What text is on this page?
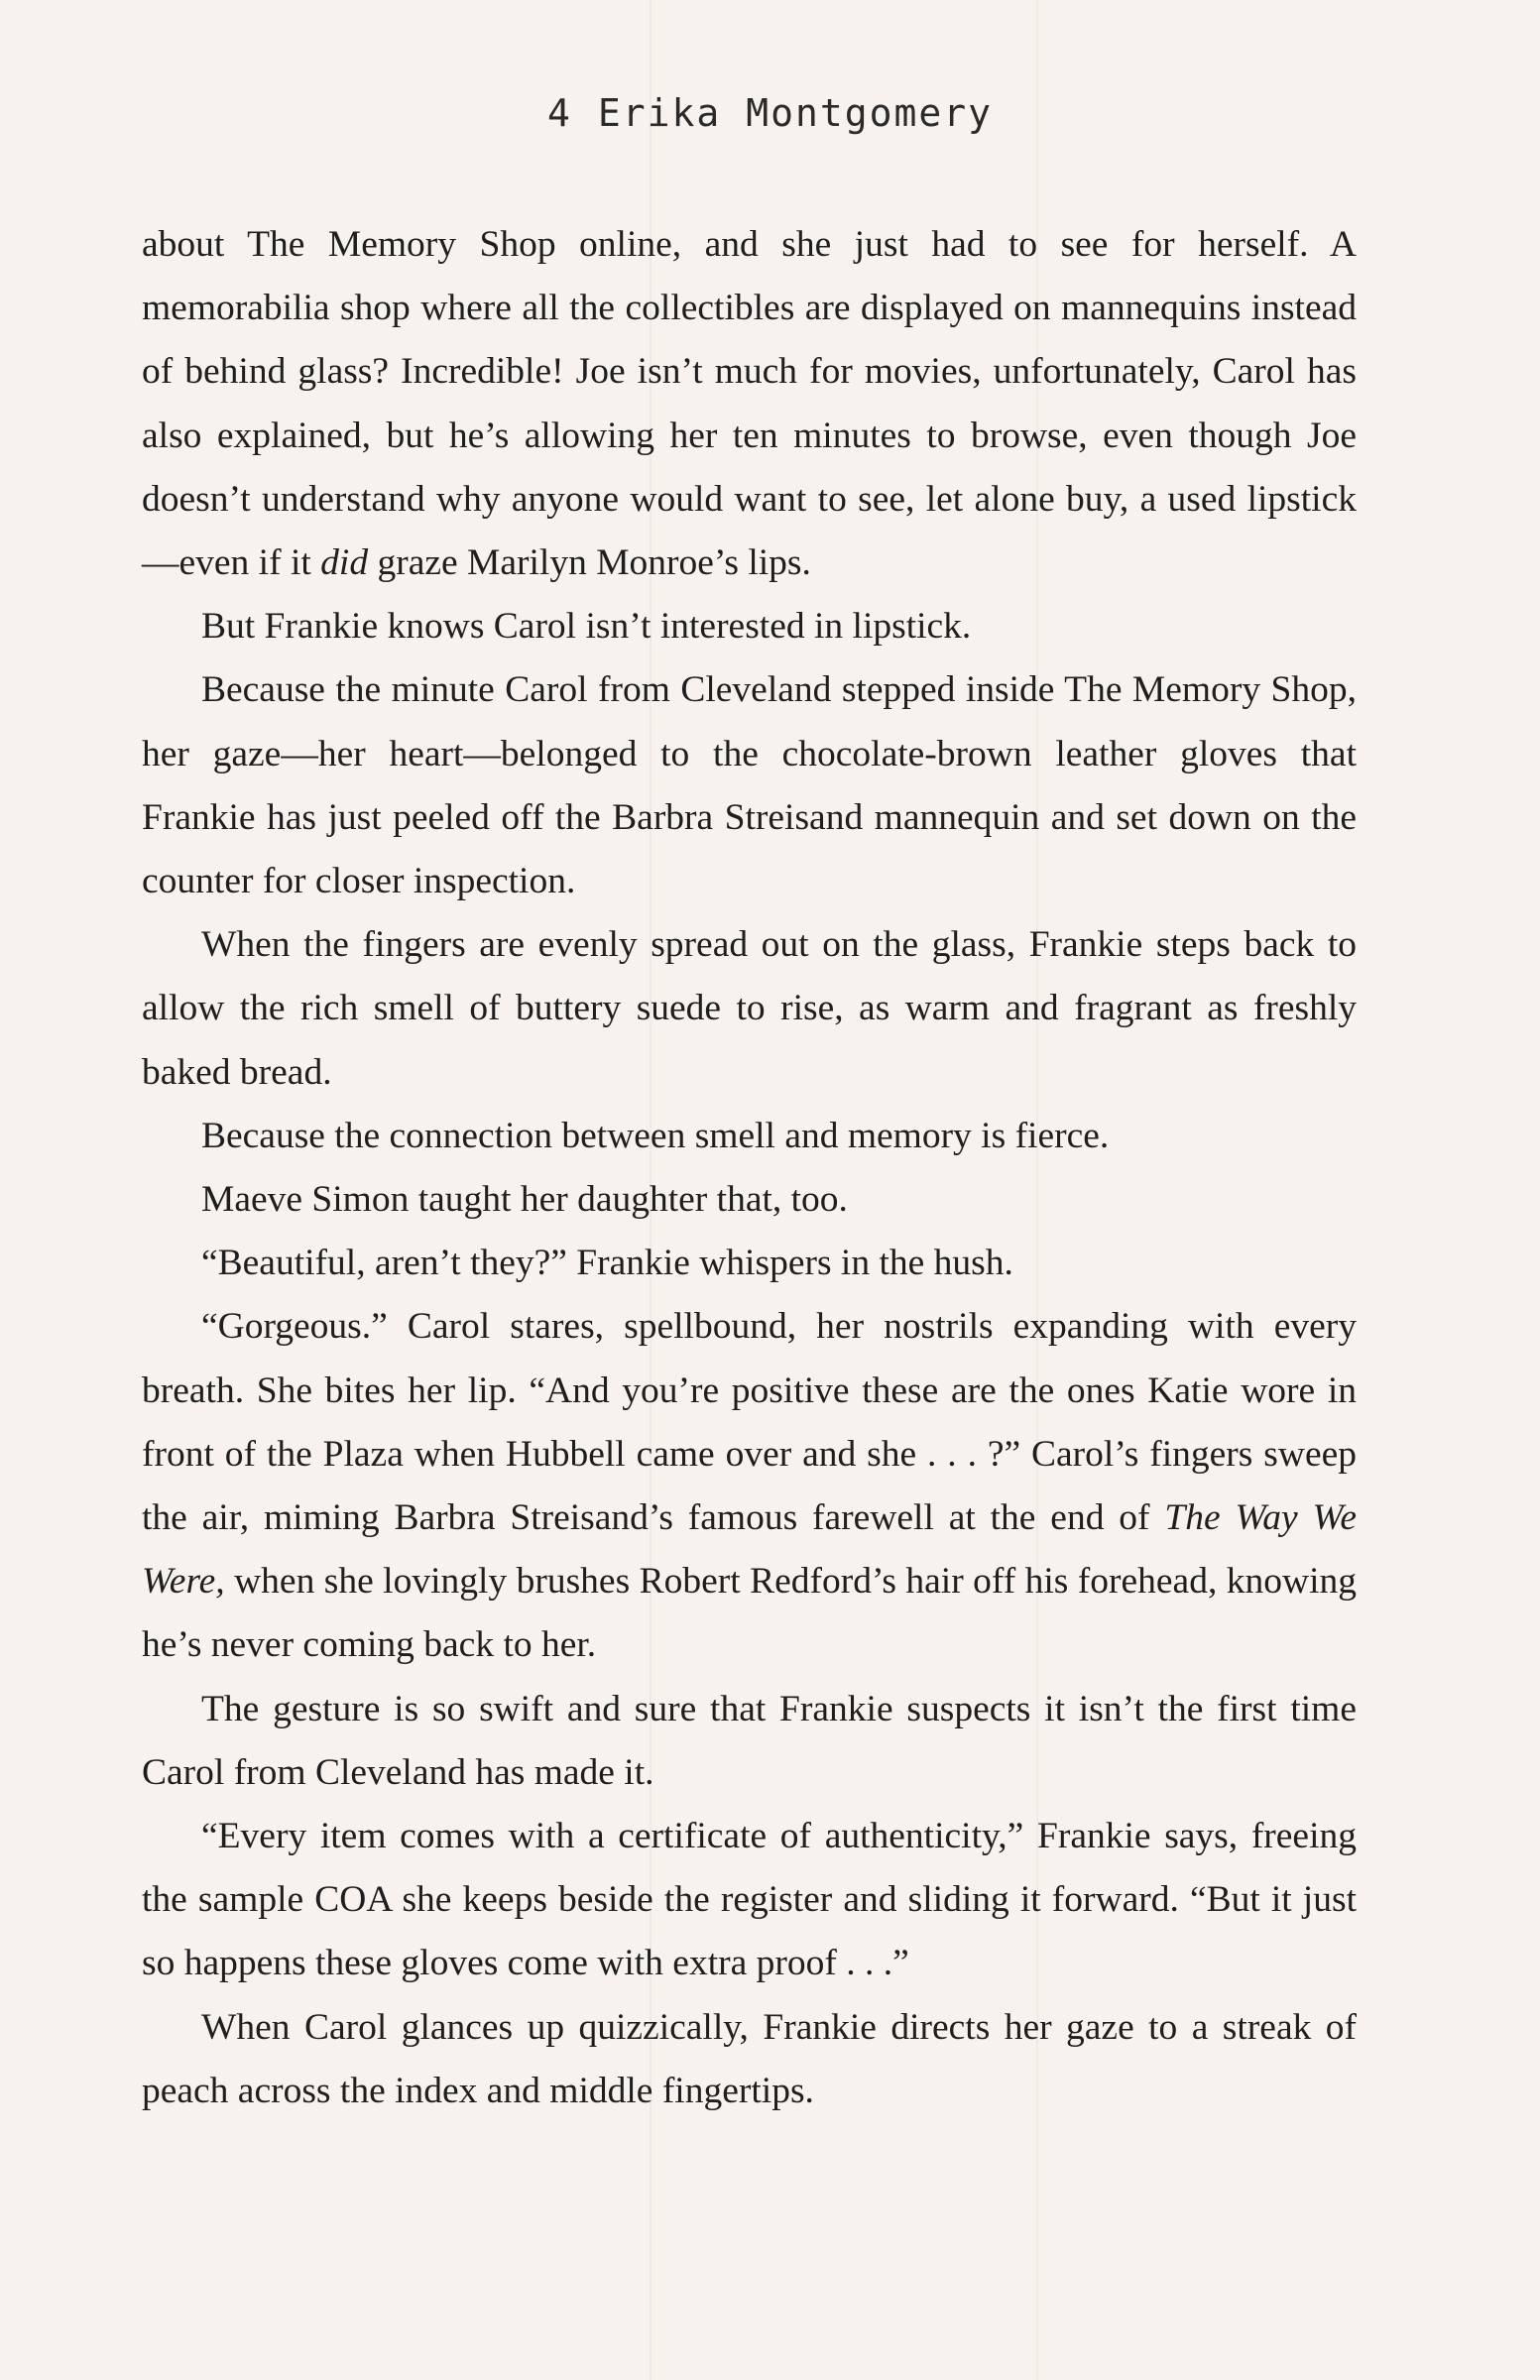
4 Erika Montgomery

about The Memory Shop online, and she just had to see for herself. A memorabilia shop where all the collectibles are displayed on mannequins instead of behind glass? Incredible! Joe isn’t much for movies, unfortunately, Carol has also explained, but he’s allowing her ten minutes to browse, even though Joe doesn’t understand why anyone would want to see, let alone buy, a used lipstick—even if it did graze Marilyn Monroe’s lips.

But Frankie knows Carol isn’t interested in lipstick.

Because the minute Carol from Cleveland stepped inside The Memory Shop, her gaze—her heart—belonged to the chocolate-brown leather gloves that Frankie has just peeled off the Barbra Streisand mannequin and set down on the counter for closer inspection.

When the fingers are evenly spread out on the glass, Frankie steps back to allow the rich smell of buttery suede to rise, as warm and fragrant as freshly baked bread.

Because the connection between smell and memory is fierce.

Maeve Simon taught her daughter that, too.

“Beautiful, aren’t they?” Frankie whispers in the hush.

“Gorgeous.” Carol stares, spellbound, her nostrils expanding with every breath. She bites her lip. “And you’re positive these are the ones Katie wore in front of the Plaza when Hubbell came over and she . . . ?” Carol’s fingers sweep the air, miming Barbra Streisand’s famous farewell at the end of The Way We Were, when she lovingly brushes Robert Redford’s hair off his forehead, knowing he’s never coming back to her.

The gesture is so swift and sure that Frankie suspects it isn’t the first time Carol from Cleveland has made it.

“Every item comes with a certificate of authenticity,” Frankie says, freeing the sample COA she keeps beside the register and sliding it forward. “But it just so happens these gloves come with extra proof . . .”

When Carol glances up quizzically, Frankie directs her gaze to a streak of peach across the index and middle fingertips.
